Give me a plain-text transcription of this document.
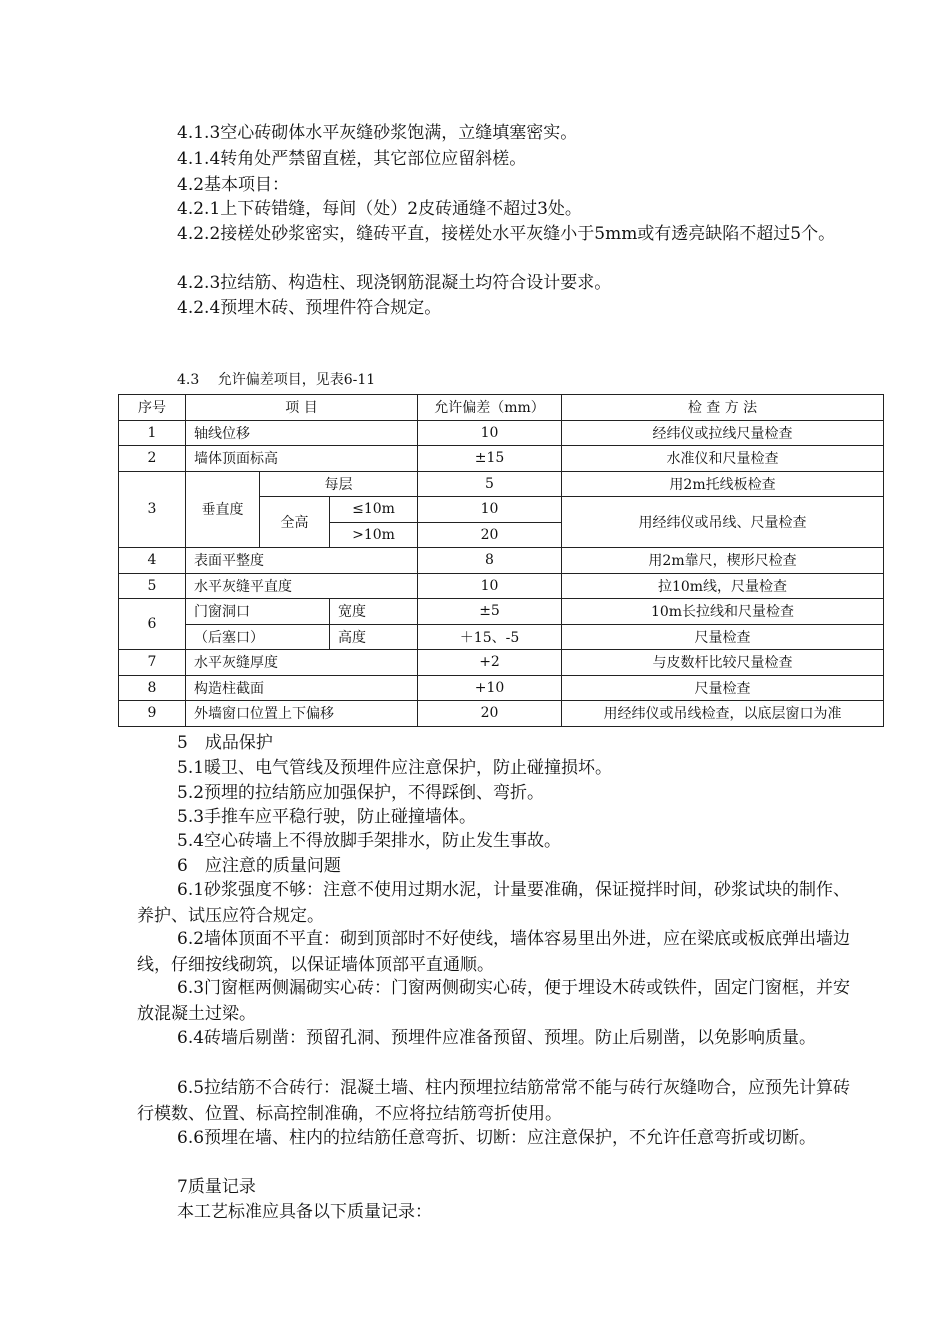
4.1.3空心砖砌体水平灰缝砂浆饱满，立缝填塞密实。
4.1.4转角处严禁留直槎，其它部位应留斜槎。
4.2基本项目：
4.2.1上下砖错缝，每间（处）2皮砖通缝不超过3处。
4.2.2接槎处砂浆密实，缝砖平直，接槎处水平灰缝小于5mm或有透亮缺陷不超过5个。
4.2.3拉结筋、构造柱、现浇钢筋混凝土均符合设计要求。
4.2.4预埋木砖、预埋件符合规定。
4.3　 允许偏差项目，见表6-11
序号	项 目			允许偏差（mm）	检 查 方 法
1	轴线位移			10	经纬仪或拉线尺量检查
2	墙体顶面标高			±15	水准仪和尺量检查
3	垂直度	每层		5	用2m托线板检查
		全高	≤10m	10	用经纬仪或吊线、尺量检查
			>10m	20	
4	表面平整度			8	用2m靠尺，楔形尺检查
5	水平灰缝平直度			10	拉10m线，尺量检查
6	门窗洞口		宽度	±5	10m长拉线和尺量检查
	（后塞口）		高度	＋15、-5	尺量检查
7	水平灰缝厚度			+2	与皮数杆比较尺量检查
8	构造柱截面			+10	尺量检查
9	外墙窗口位置上下偏移			20	用经纬仪或吊线检查，以底层窗口为准
5　成品保护
5.1暖卫、电气管线及预埋件应注意保护，防止碰撞损坏。
5.2预埋的拉结筋应加强保护，不得踩倒、弯折。
5.3手推车应平稳行驶，防止碰撞墙体。
5.4空心砖墙上不得放脚手架排水，防止发生事故。
6　应注意的质量问题
6.1砂浆强度不够：注意不使用过期水泥，计量要准确，保证搅拌时间，砂浆试块的制作、养护、试压应符合规定。
6.2墙体顶面不平直：砌到顶部时不好使线，墙体容易里出外进，应在梁底或板底弹出墙边线，仔细按线砌筑，以保证墙体顶部平直通顺。
6.3门窗框两侧漏砌实心砖：门窗两侧砌实心砖，便于埋设木砖或铁件，固定门窗框，并安放混凝土过梁。
6.4砖墙后剔凿：预留孔洞、预埋件应准备预留、预埋。防止后剔凿，以免影响质量。
6.5拉结筋不合砖行：混凝土墙、柱内预埋拉结筋常常不能与砖行灰缝吻合，应预先计算砖行模数、位置、标高控制准确，不应将拉结筋弯折使用。
6.6预埋在墙、柱内的拉结筋任意弯折、切断：应注意保护，不允许任意弯折或切断。
7质量记录
本工艺标准应具备以下质量记录：
